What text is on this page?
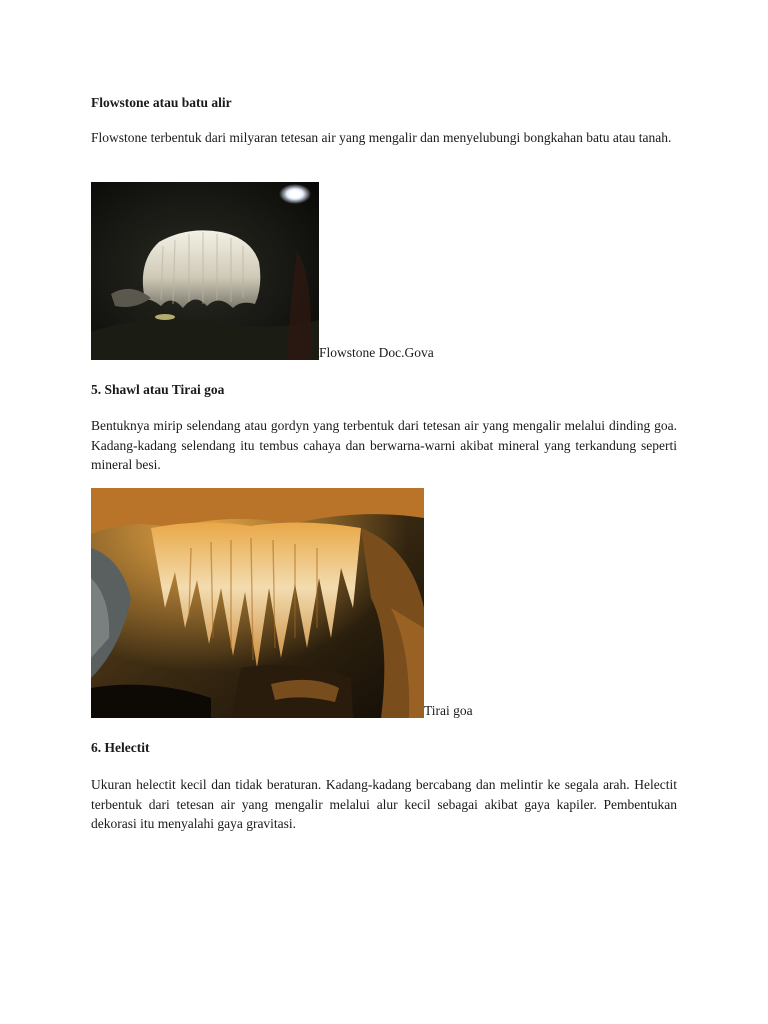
Flowstone atau batu alir

Flowstone terbentuk dari milyaran tetesan air yang mengalir dan menyelubungi bongkahan batu atau tanah.

Flowstone Doc.Gova
5. Shawl atau Tirai goa

Bentuknya mirip selendang atau gordyn yang terbentuk dari tetesan air yang mengalir melalui dinding goa. Kadang-kadang selendang itu tembus cahaya dan berwarna-warni akibat mineral yang terkandung seperti mineral besi.

Tirai goa
6. Helectit

Ukuran helectit kecil dan tidak beraturan. Kadang-kadang bercabang dan melintir ke segala arah. Helectit terbentuk dari tetesan air yang mengalir melalui alur kecil sebagai akibat gaya kapiler. Pembentukan dekorasi itu menyalahi gaya gravitasi.
